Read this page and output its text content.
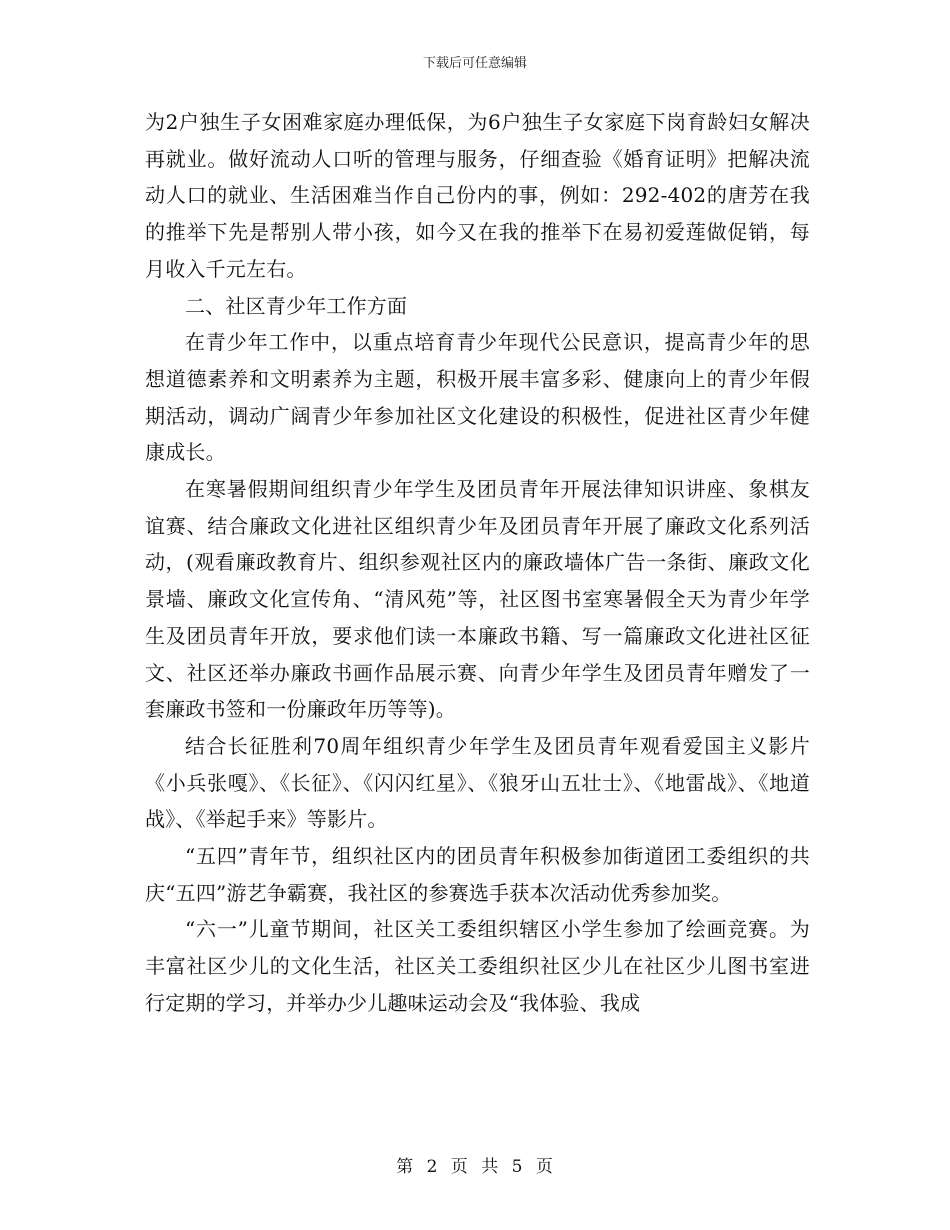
下载后可任意编辑

为2户独生子女困难家庭办理低保，为6户独生子女家庭下岗育龄妇女解决再就业。做好流动人口听的管理与服务，仔细查验《婚育证明》把解决流动人口的就业、生活困难当作自己份内的事，例如：292-402的唐芳在我的推举下先是帮别人带小孩，如今又在我的推举下在易初爱莲做促销，每月收入千元左右。

二、社区青少年工作方面

在青少年工作中，以重点培育青少年现代公民意识，提高青少年的思想道德素养和文明素养为主题，积极开展丰富多彩、健康向上的青少年假期活动，调动广阔青少年参加社区文化建设的积极性，促进社区青少年健康成长。

在寒暑假期间组织青少年学生及团员青年开展法律知识讲座、象棋友谊赛、结合廉政文化进社区组织青少年及团员青年开展了廉政文化系列活动，(观看廉政教育片、组织参观社区内的廉政墙体广告一条街、廉政文化景墙、廉政文化宣传角、“清风苑”等，社区图书室寒暑假全天为青少年学生及团员青年开放，要求他们读一本廉政书籍、写一篇廉政文化进社区征文、社区还举办廉政书画作品展示赛、向青少年学生及团员青年赠发了一套廉政书签和一份廉政年历等等)。

结合长征胜利70周年组织青少年学生及团员青年观看爱国主义影片《小兵张嘎》、《长征》、《闪闪红星》、《狼牙山五壮士》、《地雷战》、《地道战》、《举起手来》等影片。

“五四”青年节，组织社区内的团员青年积极参加街道团工委组织的共庆“五四”游艺争霸赛，我社区的参赛选手获本次活动优秀参加奖。

“六一”儿童节期间，社区关工委组织辖区小学生参加了绘画竞赛。为丰富社区少儿的文化生活，社区关工委组织社区少儿在社区少儿图书室进行定期的学习，并举办少儿趣味运动会及“我体验、我成

第 2 页 共 5 页
